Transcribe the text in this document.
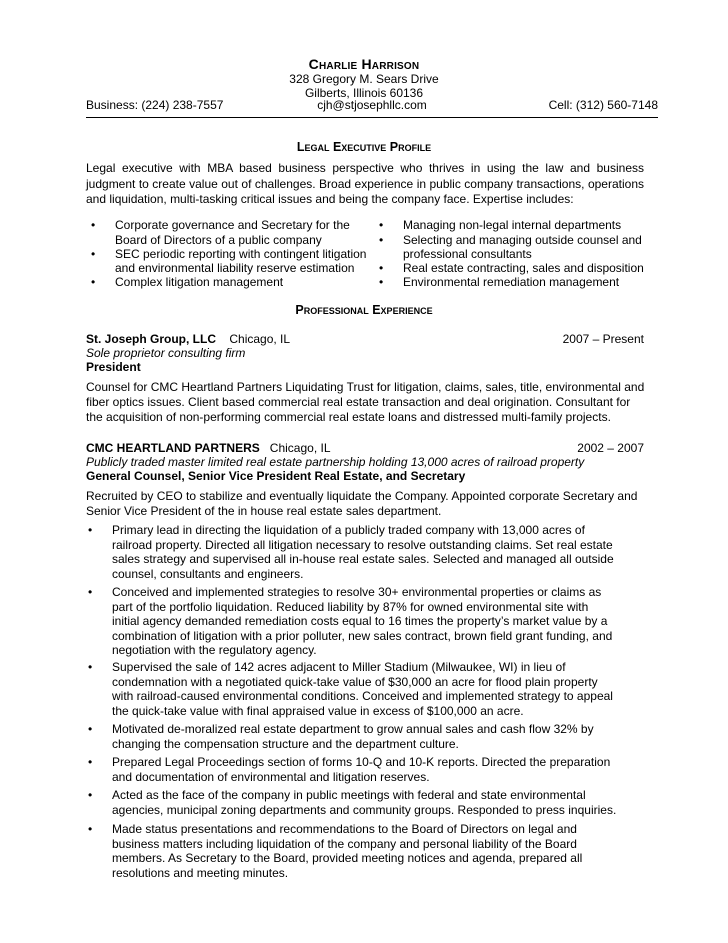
Charlie Harrison
328 Gregory M. Sears Drive
Gilberts, Illinois 60136
Business: (224) 238-7557	cjh@stjosephllc.com	Cell: (312) 560-7148
Legal Executive Profile
Legal executive with MBA based business perspective who thrives in using the law and business judgment to create value out of challenges. Broad experience in public company transactions, operations and liquidation, multi-tasking critical issues and being the company face. Expertise includes:
• Corporate governance and Secretary for the
Board of Directors of a public company
• SEC periodic reporting with contingent litigation
and environmental liability reserve estimation
• Complex litigation management
• Managing non-legal internal departments
• Selecting and managing outside counsel and
professional consultants
• Real estate contracting, sales and disposition
• Environmental remediation management
Professional Experience
St. Joseph Group, LLC Chicago, IL	2007 – Present
Sole proprietor consulting firm
President
Counsel for CMC Heartland Partners Liquidating Trust for litigation, claims, sales, title, environmental and
fiber optics issues. Client based commercial real estate transaction and deal origination. Consultant for
the acquisition of non-performing commercial real estate loans and distressed multi-family projects.
CMC HEARTLAND PARTNERS Chicago, IL	2002 – 2007
Publicly traded master limited real estate partnership holding 13,000 acres of railroad property
General Counsel, Senior Vice President Real Estate, and Secretary
Recruited by CEO to stabilize and eventually liquidate the Company. Appointed corporate Secretary and
Senior Vice President of the in house real estate sales department.
• Primary lead in directing the liquidation of a publicly traded company with 13,000 acres of
railroad property. Directed all litigation necessary to resolve outstanding claims. Set real estate
sales strategy and supervised all in-house real estate sales. Selected and managed all outside
counsel, consultants and engineers.
• Conceived and implemented strategies to resolve 30+ environmental properties or claims as
part of the portfolio liquidation. Reduced liability by 87% for owned environmental site with
initial agency demanded remediation costs equal to 16 times the property’s market value by a
combination of litigation with a prior polluter, new sales contract, brown field grant funding, and
negotiation with the regulatory agency.
• Supervised the sale of 142 acres adjacent to Miller Stadium (Milwaukee, WI) in lieu of
condemnation with a negotiated quick-take value of $30,000 an acre for flood plain property
with railroad-caused environmental conditions. Conceived and implemented strategy to appeal
the quick-take value with final appraised value in excess of $100,000 an acre.
• Motivated de-moralized real estate department to grow annual sales and cash flow 32% by
changing the compensation structure and the department culture.
• Prepared Legal Proceedings section of forms 10-Q and 10-K reports. Directed the preparation
and documentation of environmental and litigation reserves.
• Acted as the face of the company in public meetings with federal and state environmental
agencies, municipal zoning departments and community groups. Responded to press inquiries.
• Made status presentations and recommendations to the Board of Directors on legal and
business matters including liquidation of the company and personal liability of the Board
members. As Secretary to the Board, provided meeting notices and agenda, prepared all
resolutions and meeting minutes.
